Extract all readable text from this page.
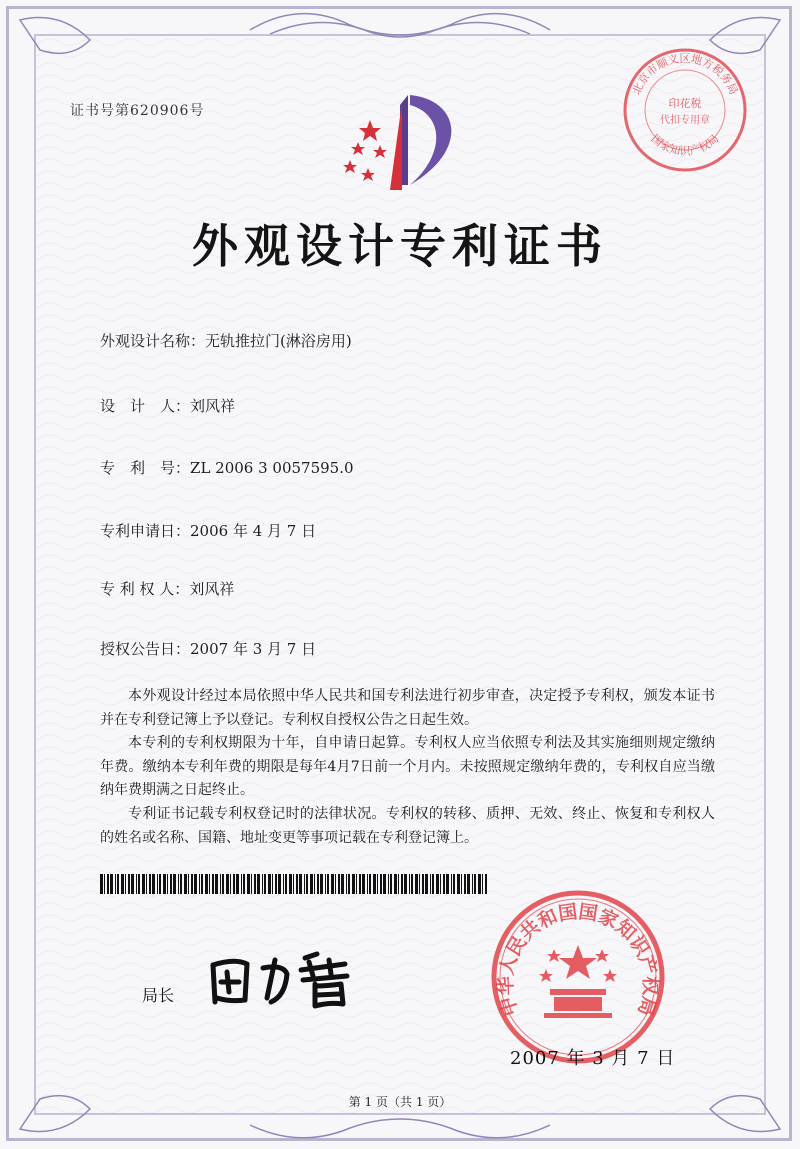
证书号第620906号
外观设计专利证书
外观设计名称：无轨推拉门(淋浴房用)
设　计　人：刘风祥
专　利　号：ZL 2006 3 0057595.0
专利申请日：2006 年 4 月 7 日
专 利 权 人：刘风祥
授权公告日：2007 年 3 月 7 日

本外观设计经过本局依照中华人民共和国专利法进行初步审查，决定授予专利权，颁发本证书并在专利登记簿上予以登记。专利权自授权公告之日起生效。

本专利的专利权期限为十年，自申请日起算。专利权人应当依照专利法及其实施细则规定缴纳年费。缴纳本专利年费的期限是每年4月7日前一个月内。未按照规定缴纳年费的，专利权自应当缴纳年费期满之日起终止。

专利证书记载专利权登记时的法律状况。专利权的转移、质押、无效、终止、恢复和专利权人的姓名或名称、国籍、地址变更等事项记载在专利登记簿上。

局长	中华人民共和国国家知识产权局
北京市顺义区地方税务局
印花税
代扣专用章
国家知识产权局
2007 年 3 月 7 日
第 1 页（共 1 页）
